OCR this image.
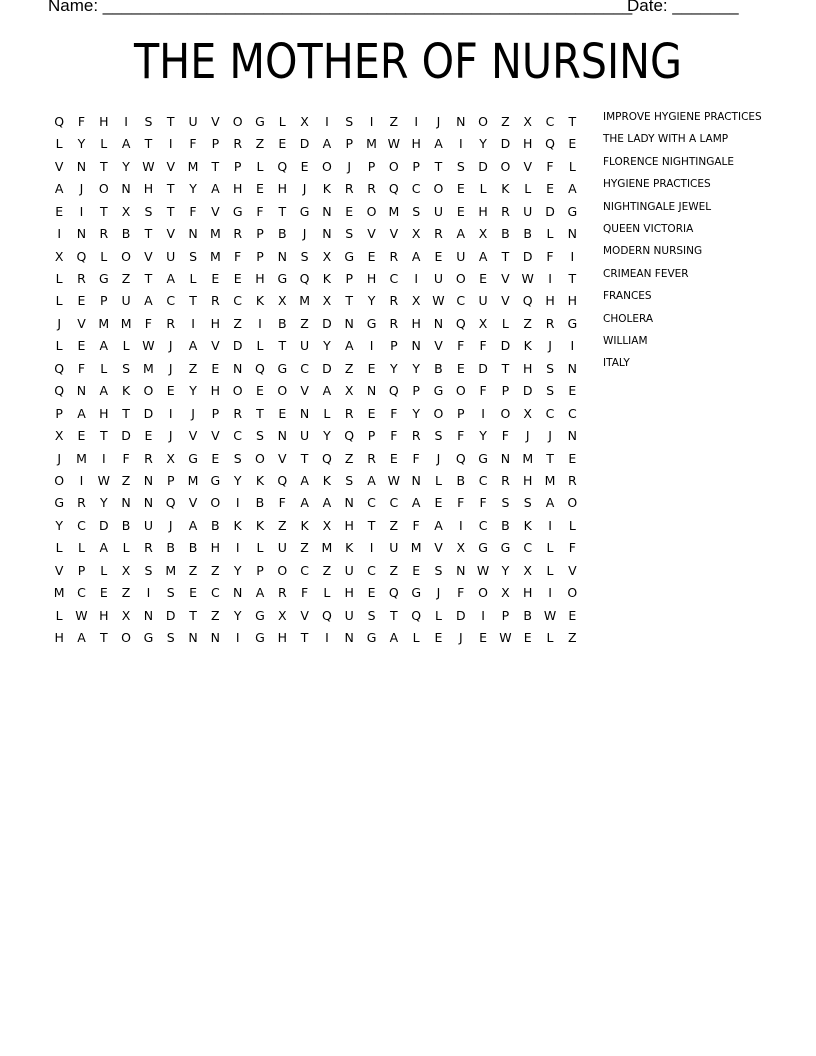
Name: ________________________________________________________
Date: _______
THE MOTHER OF NURSING
Q	F	H	I	S	T	U	V	O	G	L	X	I	S	I	Z	I	J	N	O	Z	X	C	T
L	Y	L	A	T	I	F	P	R	Z	E	D	A	P	M W H	A	I	Y	D	H	Q	E
V	N	T	Y W V	M	T	P	L	Q	E	O	J	P	O	P	T	S	D	O	V	F	L
A	J	O	N	H	T	Y	A	H	E	H	J	K	R	R	Q	C	O	E	L	K	L	E	A
E	I	T	X	S	T	F	V	G	F	T	G	N	E	O M	S	U	E	H	R	U	D	G
I	N	R	B	T	V	N M	R	P	B	J	N	S	V	V	X	R	A	X	B	B	L	N
X	Q	L	O	V	U	S	M	F	P	N	S	X	G	E	R	A	E	U	A	T	D	F	I
L	R	G	Z	T	A	L	E	E	H	G	Q	K	P	H	C	I	U	O	E	V W	I	T
L	E	P	U	A	C	T	R	C	K	X	M	X	T	Y	R	X W C	U	V	Q	H	H
J	V	M M	F	R	I	H	Z	I	B	Z	D	N	G	R	H	N	Q	X	L	Z	R	G
L	E	A	L	W	J	A	V	D	L	T	U	Y	A	I	P	N	V	F	F	D	K	J	I
Q	F	L	S	M	J	Z	E	N	Q	G	C	D	Z	E	Y	Y	B	E	D	T	H	S	N
Q	N	A	K	O	E	Y	H	O	E	O	V	A	X	N	Q	P	G	O	F	P	D	S	E
P	A	H	T	D	I	J	P	R	T	E	N	L	R	E	F	Y	O	P	I	O	X	C	C
X	E	T	D	E	J	V	V	C	S	N	U	Y	Q	P	F	R	S	F	Y	F	J	J	N
J	M	I	F	R	X	G	E	S	O	V	T	Q	Z	R	E	F	J	Q	G	N M	T	E
O	I	W Z	N	P	M G	Y	K	Q	A	K	S	A W N	L	B	C	R	H M	R
G	R	Y	N	N	Q	V	O	I	B	F	A	A	N	C	C	A	E	F	F	S	S	A	O
Y	C	D	B	U	J	A	B	K	K	Z	K	X	H	T	Z	F	A	I	C	B	K	I	L
L	L	A	L	R	B	B	H	I	L	U	Z	M	K	I	U M	V	X	G	G	C	L	F
V	P	L	X	S	M	Z	Z	Y	P	O	C	Z	U	C	Z	E	S	N W Y	X	L	V
M	C	E	Z	I	S	E	C	N	A	R	F	L	H	E	Q	G	J	F	O	X	H	I	O
L	W H	X	N	D	T	Z	Y	G	X	V	Q	U	S	T	Q	L	D	I	P	B W E
H	A	T	O	G	S	N	N	I	G	H	T	I	N	G	A	L	E	J	E W E	L	Z
IMPROVE HYGIENE PRACTICES
THE LADY WITH A LAMP
FLORENCE NIGHTINGALE
HYGIENE PRACTICES
NIGHTINGALE JEWEL
QUEEN VICTORIA
MODERN NURSING
CRIMEAN FEVER
FRANCES
CHOLERA
WILLIAM
ITALY
